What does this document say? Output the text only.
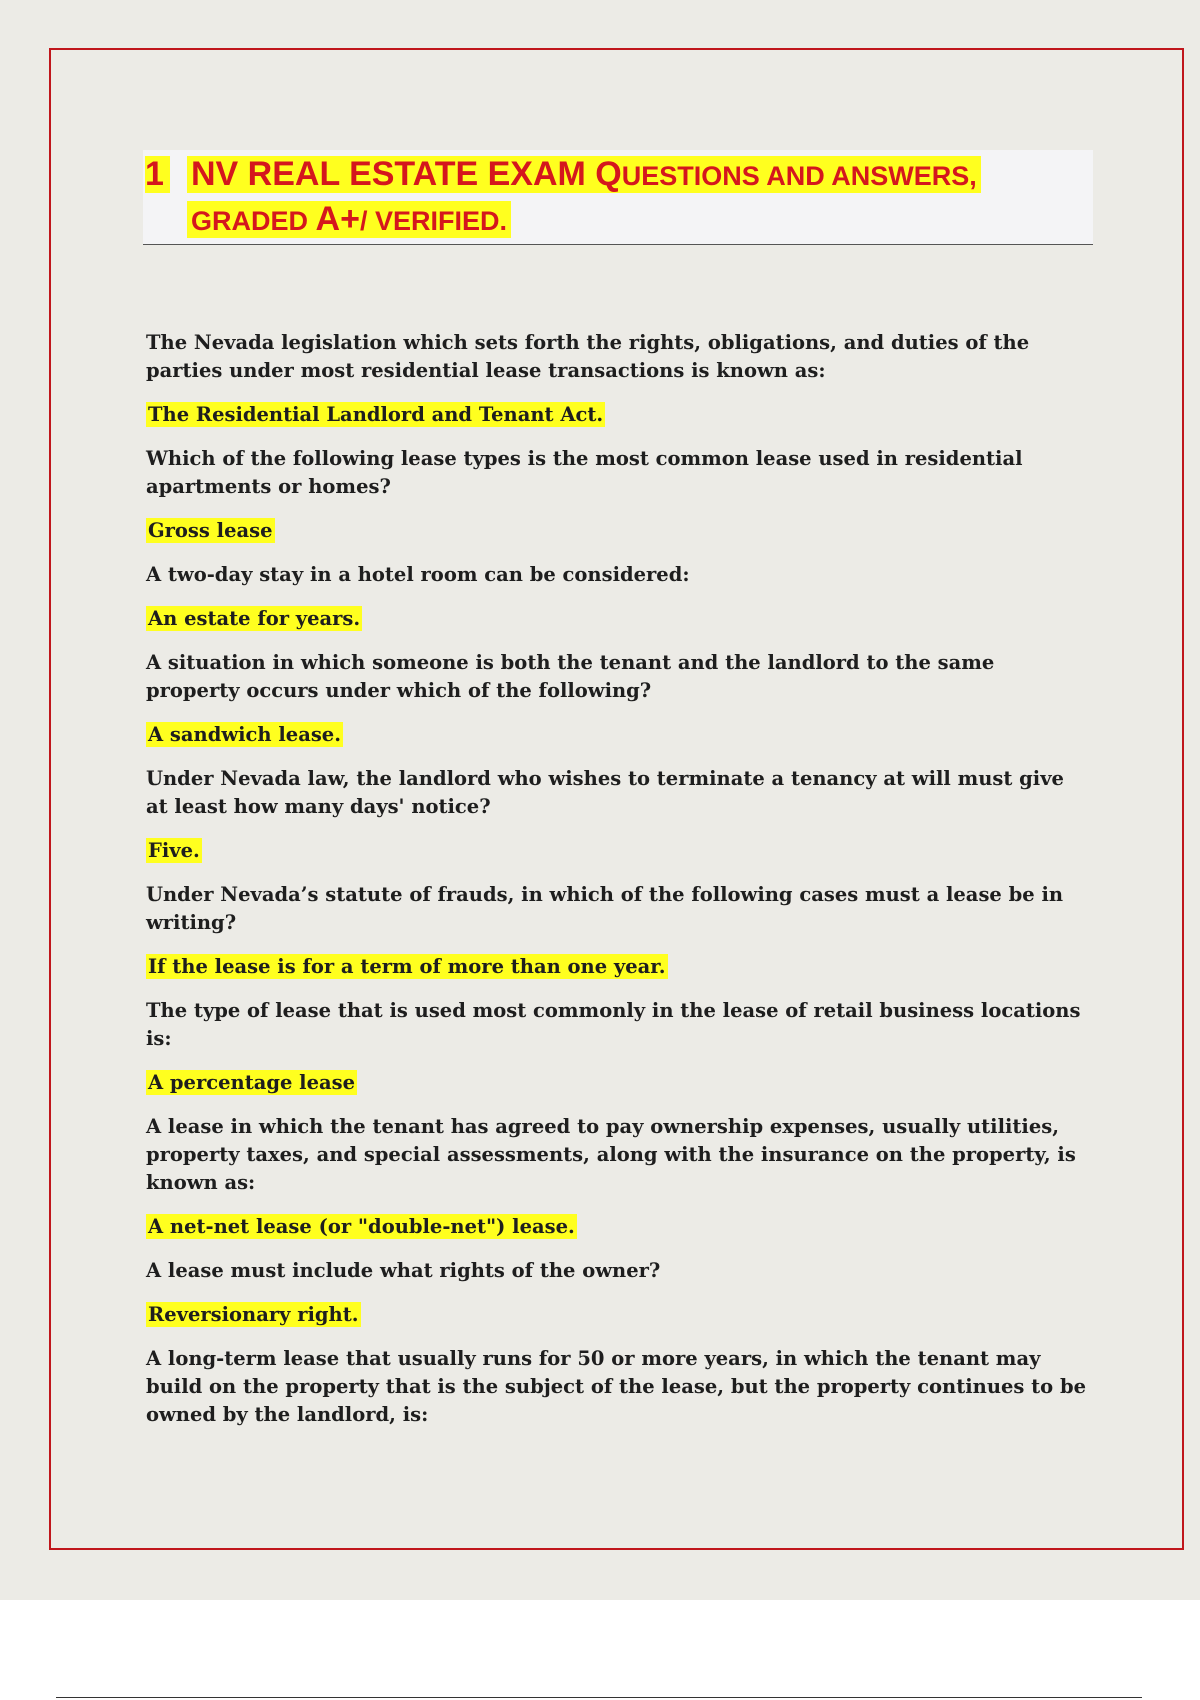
1 NV REAL ESTATE EXAM QUESTIONS AND ANSWERS,
GRADED A+/ VERIFIED.
The Nevada legislation which sets forth the rights, obligations, and duties of the parties under most residential lease transactions is known as:
The Residential Landlord and Tenant Act.
Which of the following lease types is the most common lease used in residential apartments or homes?
Gross lease
A two-day stay in a hotel room can be considered:
An estate for years.
A situation in which someone is both the tenant and the landlord to the same property occurs under which of the following?
A sandwich lease.
Under Nevada law, the landlord who wishes to terminate a tenancy at will must give at least how many days' notice?
Five.
Under Nevada’s statute of frauds, in which of the following cases must a lease be in writing?
If the lease is for a term of more than one year.
The type of lease that is used most commonly in the lease of retail business locations is:
A percentage lease
A lease in which the tenant has agreed to pay ownership expenses, usually utilities, property taxes, and special assessments, along with the insurance on the property, is known as:
A net-net lease (or "double-net") lease.
A lease must include what rights of the owner?
Reversionary right.
A long-term lease that usually runs for 50 or more years, in which the tenant may build on the property that is the subject of the lease, but the property continues to be owned by the landlord, is:
